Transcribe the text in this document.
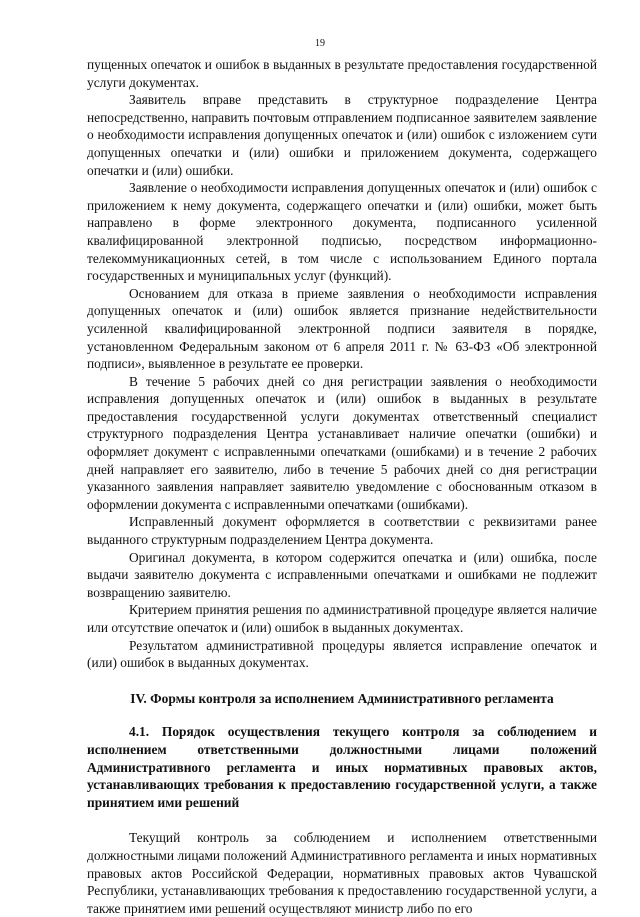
19

пущенных опечаток и ошибок в выданных в результате предоставления государственной услуги документах.

Заявитель вправе представить в структурное подразделение Центра непосредственно, направить почтовым отправлением подписанное заявителем заявление о необходимости исправления допущенных опечаток и (или) ошибок с изложением сути допущенных опечатки и (или) ошибки и приложением документа, содержащего опечатки и (или) ошибки.

Заявление о необходимости исправления допущенных опечаток и (или) ошибок с приложением к нему документа, содержащего опечатки и (или) ошибки, может быть направлено в форме электронного документа, подписанного усиленной квалифицированной электронной подписью, посредством информационно-телекоммуникационных сетей, в том числе с использованием Единого портала государственных и муниципальных услуг (функций).

Основанием для отказа в приеме заявления о необходимости исправления допущенных опечаток и (или) ошибок является признание недействительности усиленной квалифицированной электронной подписи заявителя в порядке, установленном Федеральным законом от 6 апреля 2011 г. № 63-ФЗ «Об электронной подписи», выявленное в результате ее проверки.

В течение 5 рабочих дней со дня регистрации заявления о необходимости исправления допущенных опечаток и (или) ошибок в выданных в результате предоставления государственной услуги документах ответственный специалист структурного подразделения Центра устанавливает наличие опечатки (ошибки) и оформляет документ с исправленными опечатками (ошибками) и в течение 2 рабочих дней направляет его заявителю, либо в течение 5 рабочих дней со дня регистрации указанного заявления направляет заявителю уведомление с обоснованным отказом в оформлении документа с исправленными опечатками (ошибками).

Исправленный документ оформляется в соответствии с реквизитами ранее выданного структурным подразделением Центра документа.

Оригинал документа, в котором содержится опечатка и (или) ошибка, после выдачи заявителю документа с исправленными опечатками и ошибками не подлежит возвращению заявителю.

Критерием принятия решения по административной процедуре является наличие или отсутствие опечаток и (или) ошибок в выданных документах.

Результатом административной процедуры является исправление опечаток и (или) ошибок в выданных документах.

IV. Формы контроля за исполнением Административного регламента

4.1. Порядок осуществления текущего контроля за соблюдением и исполнением ответственными должностными лицами положений Административного регламента и иных нормативных правовых актов, устанавливающих требования к предоставлению государственной услуги, а также принятием ими решений

Текущий контроль за соблюдением и исполнением ответственными должностными лицами положений Административного регламента и иных нормативных правовых актов Российской Федерации, нормативных правовых актов Чувашской Республики, устанавливающих требования к предоставлению государственной услуги, а также принятием ими решений осуществляют министр либо по его
